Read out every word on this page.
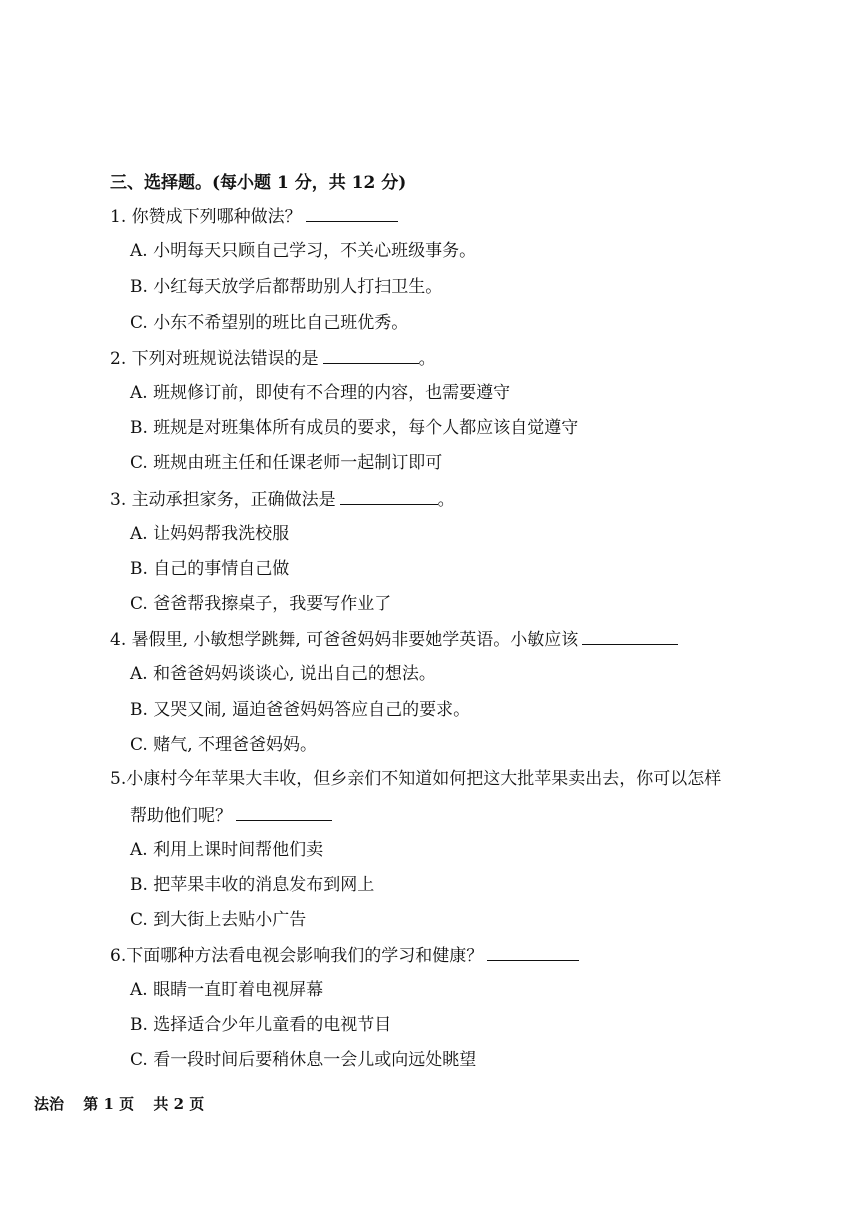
三、选择题。(每小题 1 分，共 12 分)
1. 你赞成下列哪种做法？
A. 小明每天只顾自己学习，不关心班级事务。
B. 小红每天放学后都帮助别人打扫卫生。
C. 小东不希望别的班比自己班优秀。
2. 下列对班规说法错误的是	。
A. 班规修订前，即使有不合理的内容，也需要遵守
B. 班规是对班集体所有成员的要求，每个人都应该自觉遵守
C. 班规由班主任和任课老师一起制订即可
3. 主动承担家务，正确做法是	。
A. 让妈妈帮我洗校服
B. 自己的事情自己做
C. 爸爸帮我擦桌子，我要写作业了
4. 暑假里, 小敏想学跳舞, 可爸爸妈妈非要她学英语。小敏应该
A. 和爸爸妈妈谈谈心, 说出自己的想法。
B. 又哭又闹, 逼迫爸爸妈妈答应自己的要求。
C. 赌气, 不理爸爸妈妈。
5.小康村今年苹果大丰收，但乡亲们不知道如何把这大批苹果卖出去，你可以怎样
帮助他们呢？
A. 利用上课时间帮他们卖
B. 把苹果丰收的消息发布到网上
C. 到大街上去贴小广告
6.下面哪种方法看电视会影响我们的学习和健康？
A. 眼睛一直盯着电视屏幕
B. 选择适合少年儿童看的电视节目
C. 看一段时间后要稍休息一会儿或向远处眺望
法治 第 1 页 共 2 页
